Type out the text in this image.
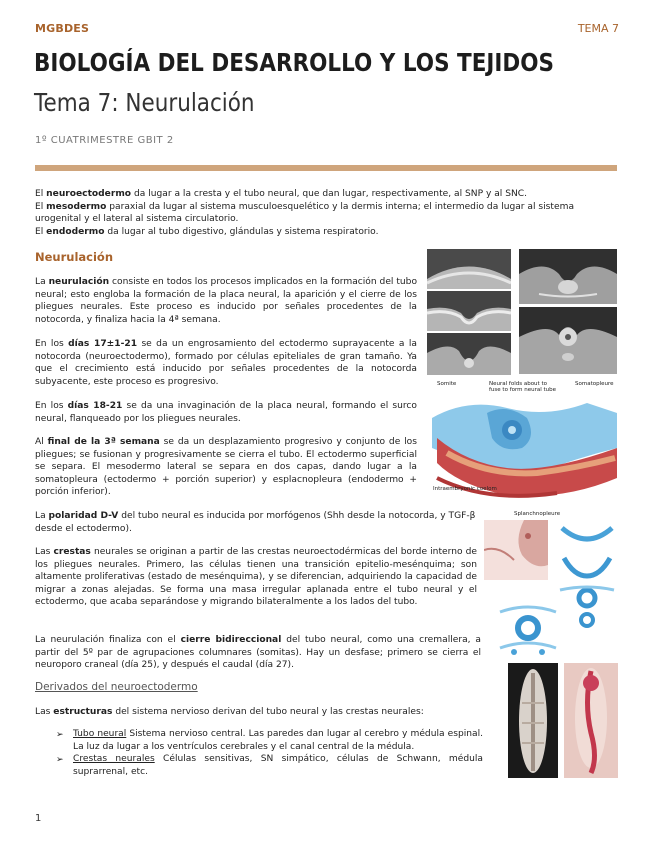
MGBDES	TEMA 7
BIOLOGÍA DEL DESARROLLO Y LOS TEJIDOS
Tema 7: Neurulación
1º CUATRIMESTRE GBIT 2
El neuroectodermo da lugar a la cresta y el tubo neural, que dan lugar, respectivamente, al SNP y al SNC.
El mesodermo paraxial da lugar al sistema musculoesquelético y la dermis interna; el intermedio da lugar al sistema urogenital y el lateral al sistema circulatorio.
El endodermo da lugar al tubo digestivo, glándulas y sistema respiratorio.
Neurulación
La neurulación consiste en todos los procesos implicados en la formación del tubo neural; esto engloba la formación de la placa neural, la aparición y el cierre de los pliegues neurales. Este proceso es inducido por señales procedentes de la notocorda, y finaliza hacia la 4ª semana.
En los días 17±1-21 se da un engrosamiento del ectodermo suprayacente a la notocorda (neuroectodermo), formado por células epiteliales de gran tamaño. Ya que el crecimiento está inducido por señales procedentes de la notocorda subyacente, este proceso es progresivo.
En los días 18-21 se da una invaginación de la placa neural, formando el surco neural, flanqueado por los pliegues neurales.
Al final de la 3ª semana se da un desplazamiento progresivo y conjunto de los pliegues; se fusionan y progresivamente se cierra el tubo. El ectodermo superficial se separa. El mesodermo lateral se separa en dos capas, dando lugar a la somatopleura (ectodermo + porción superior) y esplacnopleura (endodermo + porción inferior).
La polaridad D-V del tubo neural es inducida por morfógenos (Shh desde la notocorda, y TGF-β desde el ectodermo).
Las crestas neurales se originan a partir de las crestas neuroectodérmicas del borde interno de los pliegues neurales. Primero, las células tienen una transición epitelio-mesénquima; son altamente proliferativas (estado de mesénquima), y se diferencian, adquiriendo la capacidad de migrar a zonas alejadas. Se forma una masa irregular aplanada entre el tubo neural y el ectodermo, que acaba separándose y migrando bilateralmente a los lados del tubo.
La neurulación finaliza con el cierre bidireccional del tubo neural, como una cremallera, a partir del 5º par de agrupaciones columnares (somitas). Hay un desfase; primero se cierra el neuroporo craneal (día 25), y después el caudal (día 27).
Derivados del neuroectodermo
Las estructuras del sistema nervioso derivan del tubo neural y las crestas neurales:
➢ Tubo neural Sistema nervioso central. Las paredes dan lugar al cerebro y médula espinal. La luz da lugar a los ventrículos cerebrales y el canal central de la médula.
➢ Crestas neurales Células sensitivas, SN simpático, células de Schwann, médula suprarrenal, etc.
1
Somite	Neural folds about to fuse to form neural tube
Somatopleure
Intraembryonic coelom
Splanchnopleure
